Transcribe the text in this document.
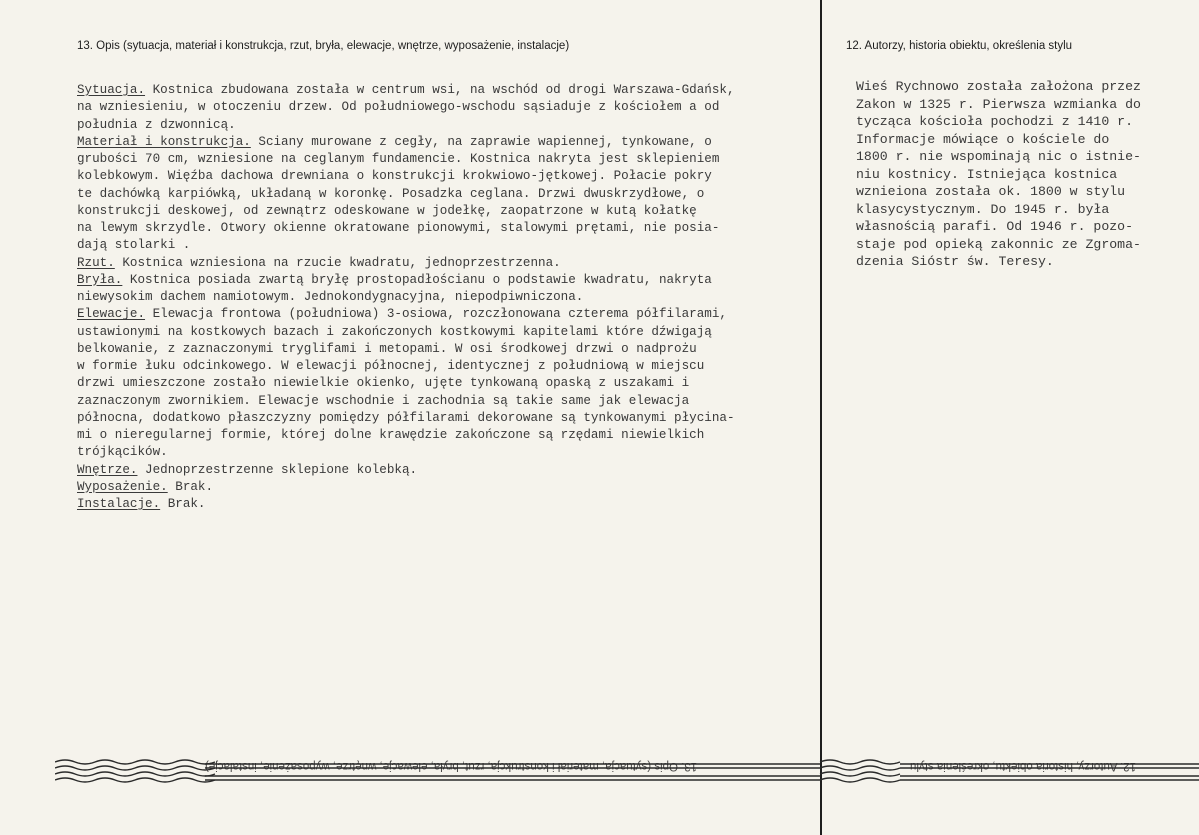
13. Opis (sytuacja, materiał i konstrukcja, rzut, bryła, elewacje, wnętrze, wyposażenie, instalacje)	12. Autorzy, historia obiektu, określenia stylu
Sytuacja. Kostnica zbudowana została w centrum wsi, na wschód od drogi Warszawa-Gdańsk,
na wzniesieniu, w otoczeniu drzew. Od południowego-wschodu sąsiaduje z kościołem a od
południa z dzwonnicą.
Materiał i konstrukcja. Sciany murowane z cegły, na zaprawie wapiennej, tynkowane, o
grubości 70 cm, wzniesione na ceglanym fundamencie. Kostnica nakryta jest sklepieniem
kolebkowym. Więźba dachowa drewniana o konstrukcji krokwiowo-jętkowej. Połacie pokry
te dachówką karpiówką, układaną w koronkę. Posadzka ceglana. Drzwi dwuskrzydłowe, o
konstrukcji deskowej, od zewnątrz odeskowane w jodełkę, zaopatrzone w kutą kołatkę
na lewym skrzydle. Otwory okienne okratowane pionowymi, stalowymi prętami, nie posia-
dają stolarki .
Rzut. Kostnica wzniesiona na rzucie kwadratu, jednoprzestrzenna.
Bryła. Kostnica posiada zwartą bryłę prostopadłościanu o podstawie kwadratu, nakryta
niewysokim dachem namiotowym. Jednokondygnacyjna, niepodpiwniczona.
Elewacje. Elewacja frontowa (południowa) 3-osiowa, rozczłonowana czterema półfilarami,
ustawionymi na kostkowych bazach i zakończonych kostkowymi kapitelami które dźwigają
belkowanie, z zaznaczonymi tryglifami i metopami. W osi środkowej drzwi o nadprożu
w formie łuku odcinkowego. W elewacji północnej, identycznej z południową w miejscu
drzwi umieszczone zostało niewielkie okienko, ujęte tynkowaną opaską z uszakami i
zaznaczonym zwornikiem. Elewacje wschodnie i zachodnia są takie same jak elewacja
północna, dodatkowo płaszczyzny pomiędzy półfilarami dekorowane są tynkowanymi płycina-
mi o nieregularnej formie, której dolne krawędzie zakończone są rzędami niewielkich
trójkącików.
Wnętrze. Jednoprzestrzenne sklepione kolebką.
Wyposażenie. Brak.
Instalacje. Brak.
Wieś Rychnowo została założona przez
Zakon w 1325 r. Pierwsza wzmianka do
tycząca kościoła pochodzi z 1410 r.
Informacje mówiące o kościele do
1800 r. nie wspominają nic o istnie-
niu kostnicy. Istniejąca kostnica
wznieiona została ok. 1800 w stylu
klasycystycznym. Do 1945 r. była
własnością parafi. Od 1946 r. pozo-
staje pod opieką zakonnic ze Zgroma-
dzenia Sióstr św. Teresy.
13. Opis (sytuacja, materiał i konstrukcja, rzut, bryła, elewacje, wnętrze, wyposażenie, instalacje)	12. Autorzy, historia obiektu, określenia stylu
